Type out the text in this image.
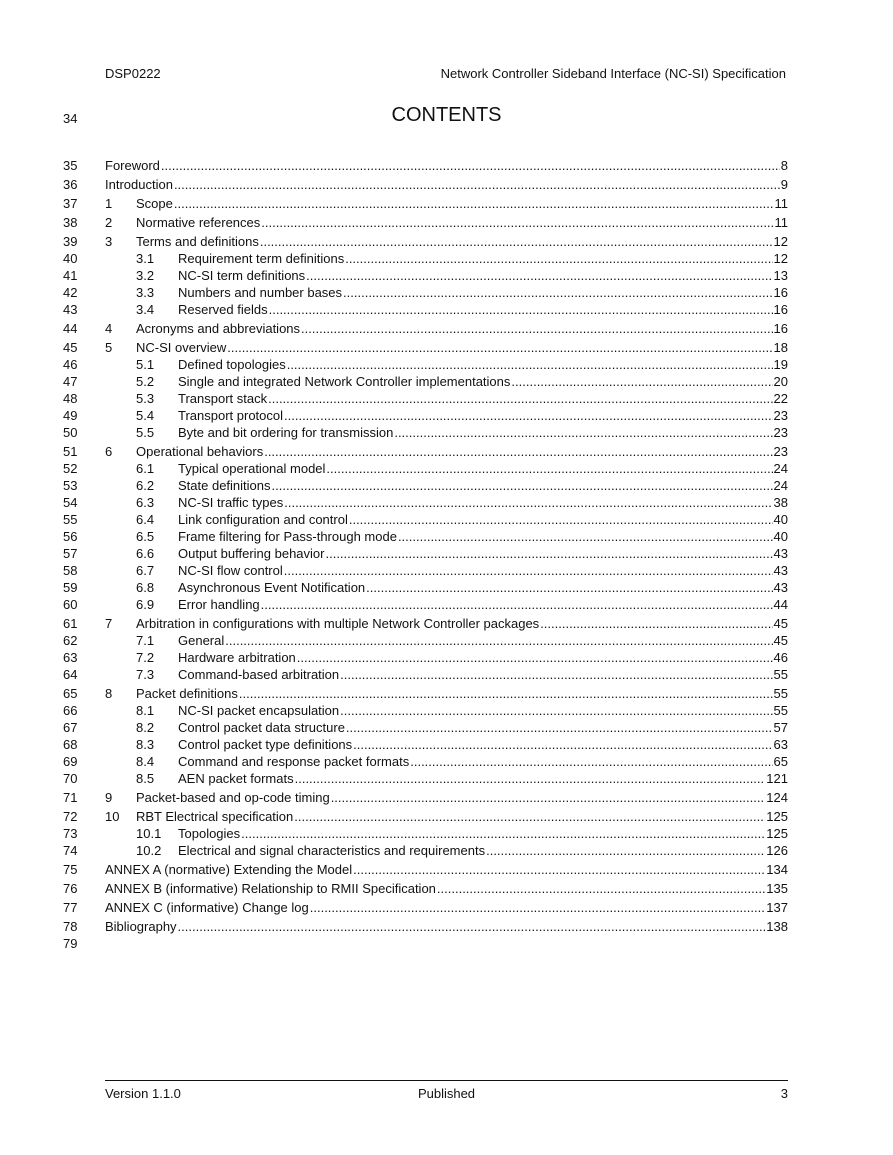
DSP0222	Network Controller Sideband Interface (NC-SI) Specification
34	CONTENTS
35	Foreword .....	8
36	Introduction .....	9
37	1	Scope .....	11
38	2	Normative references .....	11
39	3	Terms and definitions .....	12
40	3.1	Requirement term definitions .....	12
41	3.2	NC-SI term definitions .....	13
42	3.3	Numbers and number bases .....	16
43	3.4	Reserved fields .....	16
44	4	Acronyms and abbreviations .....	16
45	5	NC-SI overview .....	18
46	5.1	Defined topologies .....	19
47	5.2	Single and integrated Network Controller implementations .....	20
48	5.3	Transport stack .....	22
49	5.4	Transport protocol .....	23
50	5.5	Byte and bit ordering for transmission .....	23
51	6	Operational behaviors .....	23
52	6.1	Typical operational model .....	24
53	6.2	State definitions .....	24
54	6.3	NC-SI traffic types .....	38
55	6.4	Link configuration and control .....	40
56	6.5	Frame filtering for Pass-through mode .....	40
57	6.6	Output buffering behavior .....	43
58	6.7	NC-SI flow control .....	43
59	6.8	Asynchronous Event Notification .....	43
60	6.9	Error handling .....	44
61	7	Arbitration in configurations with multiple Network Controller packages .....	45
62	7.1	General .....	45
63	7.2	Hardware arbitration .....	46
64	7.3	Command-based arbitration .....	55
65	8	Packet definitions .....	55
66	8.1	NC-SI packet encapsulation .....	55
67	8.2	Control packet data structure .....	57
68	8.3	Control packet type definitions .....	63
69	8.4	Command and response packet formats .....	65
70	8.5	AEN packet formats .....	121
71	9	Packet-based and op-code timing .....	124
72	10	RBT Electrical specification .....	125
73	10.1	Topologies .....	125
74	10.2	Electrical and signal characteristics and requirements .....	126
75	ANNEX A (normative) Extending the Model .....	134
76	ANNEX B (informative) Relationship to RMII Specification .....	135
77	ANNEX C (informative) Change log .....	137
78	Bibliography .....	138
79
Version 1.1.0	Published	3
